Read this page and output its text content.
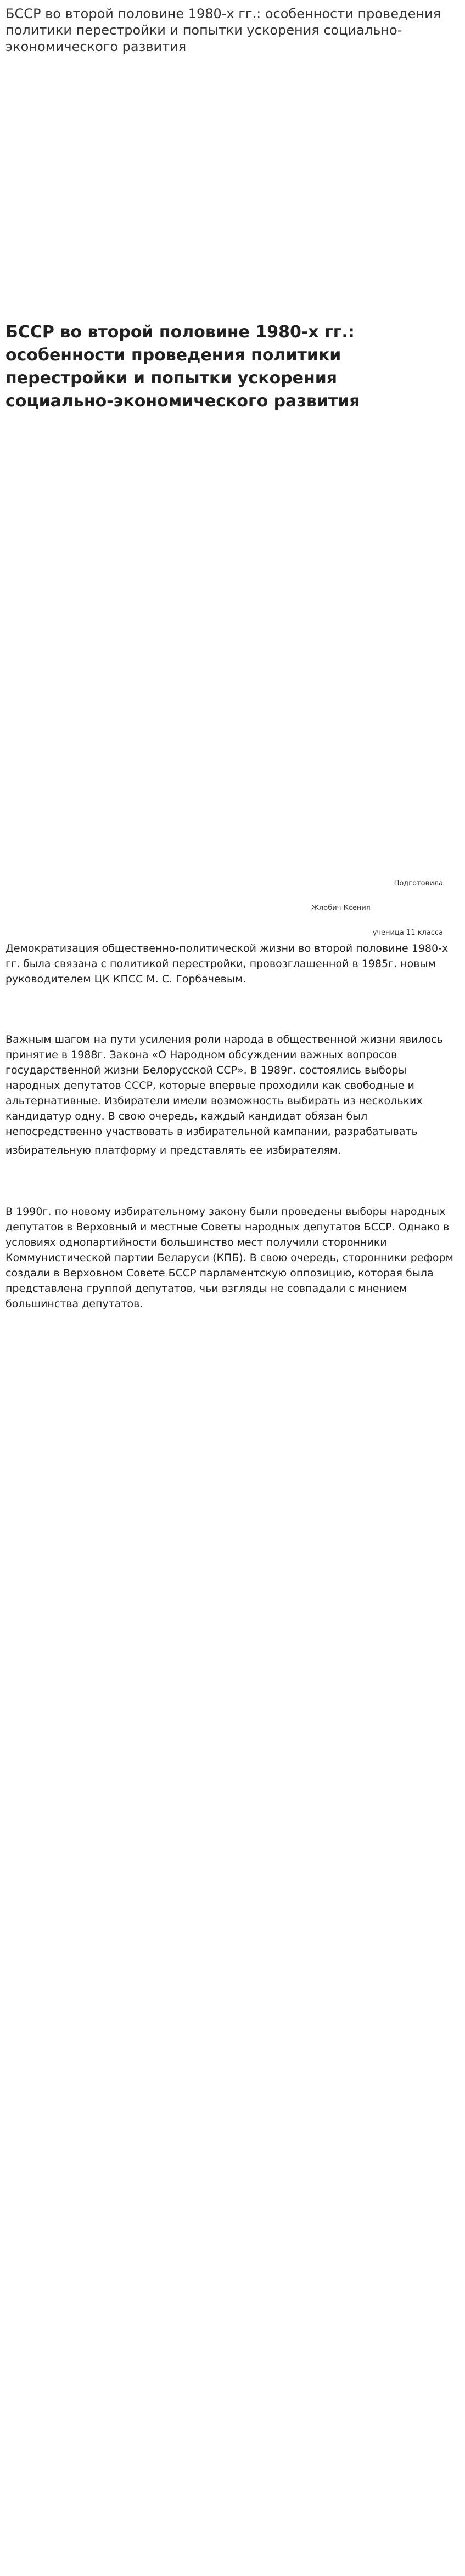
БССР во второй половине 1980-х гг.: особенности проведения политики перестройки и попытки ускорения социально-экономического развития
БССР во второй половине 1980-х гг.: особенности проведения политики перестройки и попытки ускорения социально-экономического развития
Подготовила
Жлобич Ксения
ученица 11 класса

Демократизация общественно-политической жизни во второй половине 1980-х гг. была связана с политикой перестройки, провозглашенной в 1985г. новым руководителем ЦК КПСС М. С. Горбачевым.

Важным шагом на пути усиления роли народа в общественной жизни явилось принятие в 1988г. Закона «О Народном обсуждении важных вопросов государственной жизни Белорусской ССР». В 1989г. состоялись выборы народных депутатов СССР, которые впервые проходили как свободные и альтернативные. Избиратели имели возможность выбирать из нескольких кандидатур одну. В свою очередь, каждый кандидат обязан был непосредственно участвовать в избирательной кампании, разрабатывать

избирательную платформу и представлять ее избирателям.

В 1990г. по новому избирательному закону были проведены выборы народных депутатов в Верховный и местные Советы народных депутатов БССР. Однако в условиях однопартийности большинство мест получили сторонники Коммунистической партии Беларуси (КПБ). В свою очередь, сторонники реформ создали в Верховном Совете БССР парламентскую оппозицию, которая была представлена группой депутатов, чьи взгляды не совпадали с мнением большинства депутатов.
